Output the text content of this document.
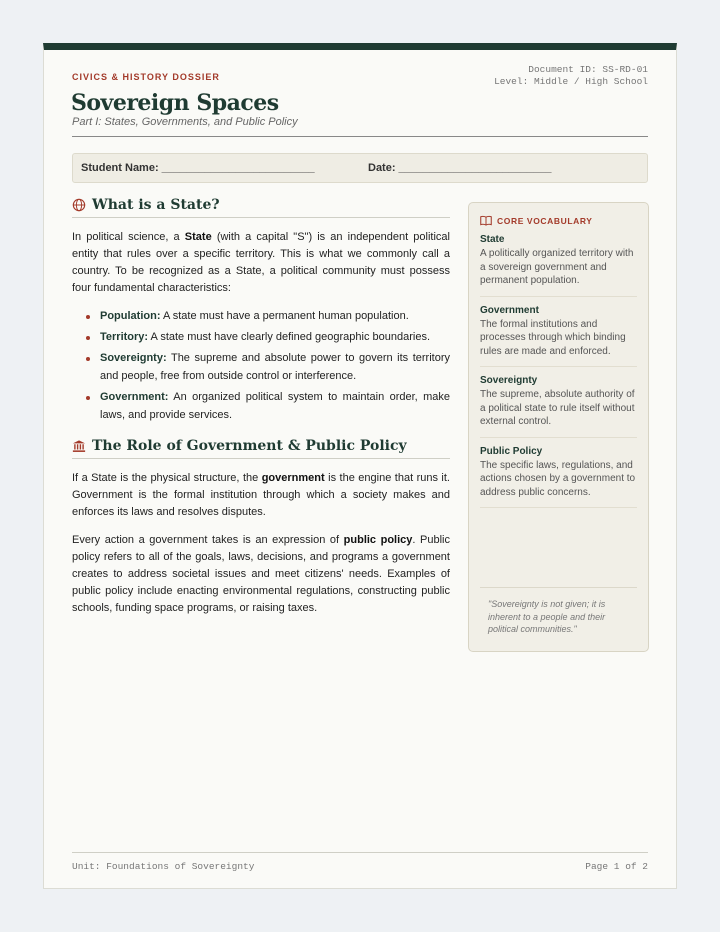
Document ID: SS-RD-01
Level: Middle / High School
CIVICS & HISTORY DOSSIER
Sovereign Spaces
Part I: States, Governments, and Public Policy
Student Name: _________________________	Date: _________________________
What is a State?

In political science, a State (with a capital "S") is an independent political entity that rules over a specific territory. This is what we commonly call a country. To be recognized as a State, a political community must possess four fundamental characteristics:

Population: A state must have a permanent human population.
Territory: A state must have clearly defined geographic boundaries.
Sovereignty: The supreme and absolute power to govern its territory and people, free from outside control or interference.
Government: An organized political system to maintain order, make laws, and provide services.
The Role of Government & Public Policy

If a State is the physical structure, the government is the engine that runs it. Government is the formal institution through which a society makes and enforces its laws and resolves disputes.

Every action a government takes is an expression of public policy. Public policy refers to all of the goals, laws, decisions, and programs a government creates to address societal issues and meet citizens' needs. Examples of public policy include enacting environmental regulations, constructing public schools, funding space programs, or raising taxes.

CORE VOCABULARY
State
A politically organized territory with a sovereign government and permanent population.
Government
The formal institutions and processes through which binding rules are made and enforced.
Sovereignty
The supreme, absolute authority of a political state to rule itself without external control.
Public Policy
The specific laws, regulations, and actions chosen by a government to address public concerns.
"Sovereignty is not given; it is inherent to a people and their political communities."
Unit: Foundations of Sovereignty	Page 1 of 2
